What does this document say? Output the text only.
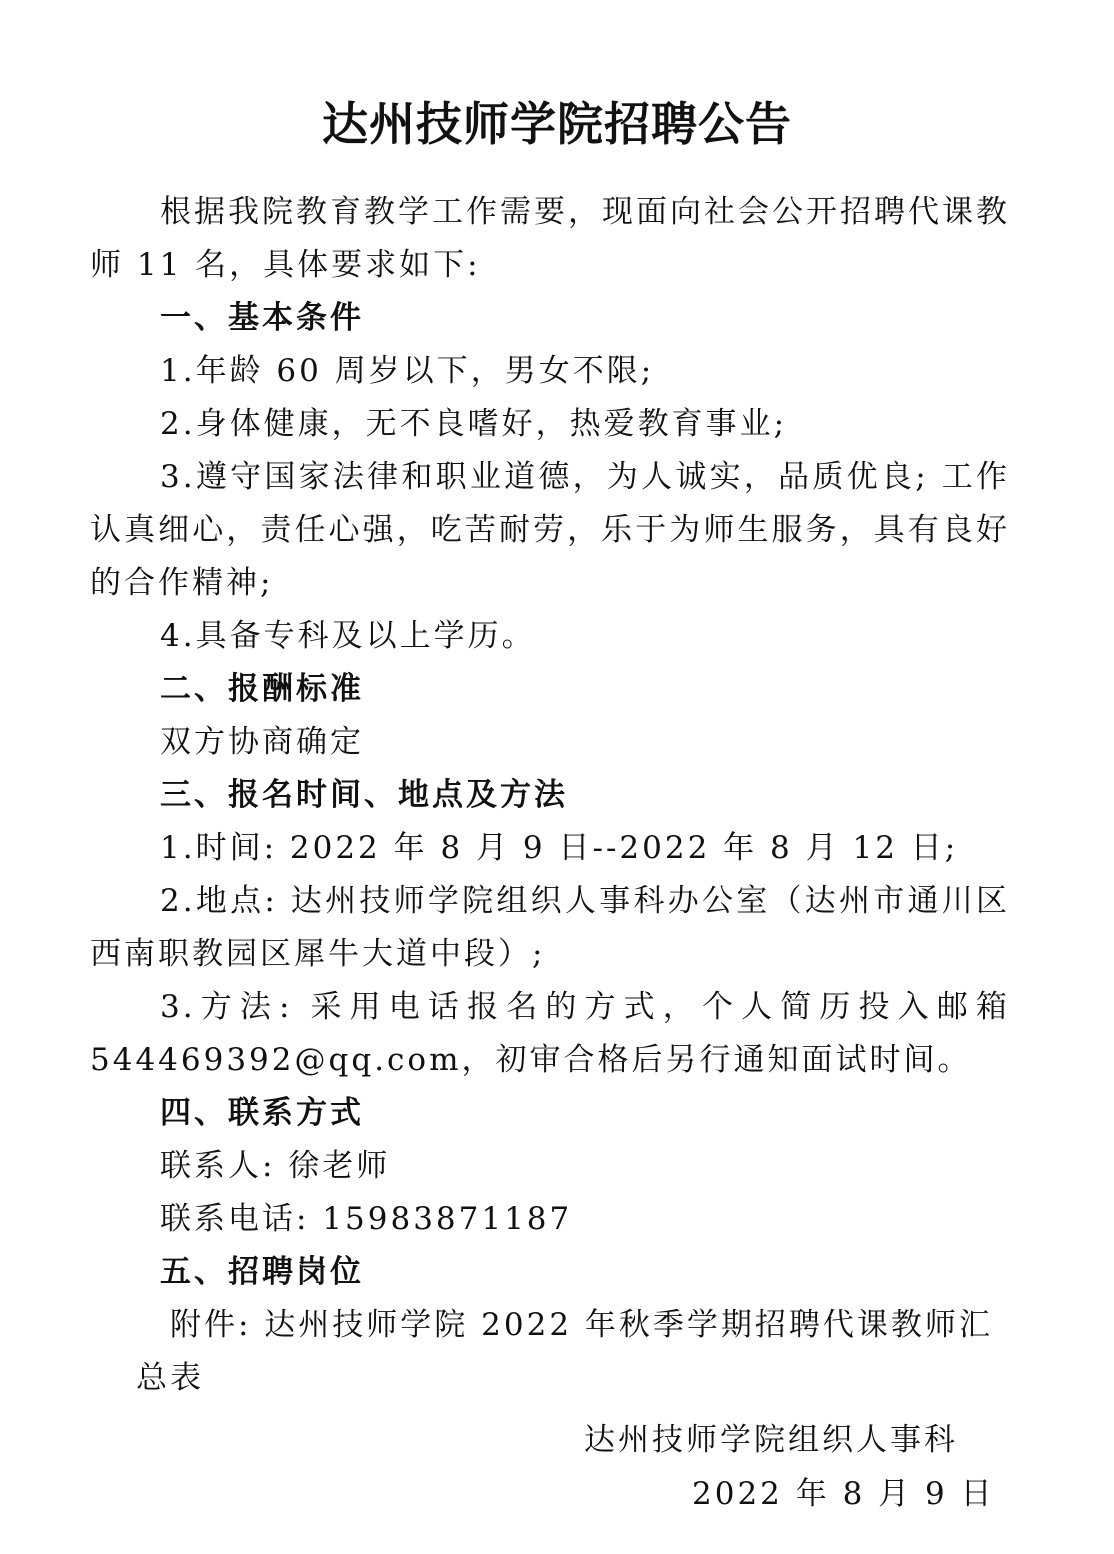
达州技师学院招聘公告

根据我院教育教学工作需要，现面向社会公开招聘代课教师 11 名，具体要求如下:

一、基本条件

1.年龄 60 周岁以下，男女不限;

2.身体健康，无不良嗜好，热爱教育事业;

3.遵守国家法律和职业道德，为人诚实，品质优良; 工作认真细心，责任心强，吃苦耐劳，乐于为师生服务，具有良好的合作精神;

4.具备专科及以上学历。

二、报酬标准

双方协商确定

三、报名时间、地点及方法

1.时间: 2022 年 8 月 9 日--2022 年 8 月 12 日;

2.地点: 达州技师学院组织人事科办公室（达州市通川区西南职教园区犀牛大道中段）;

3.方法: 采用电话报名的方式，个人简历投入邮箱 544469392@qq.com，初审合格后另行通知面试时间。

四、联系方式

联系人: 徐老师

联系电话: 15983871187

五、招聘岗位

附件: 达州技师学院 2022 年秋季学期招聘代课教师汇

总表

达州技师学院组织人事科
2022 年 8 月 9 日
